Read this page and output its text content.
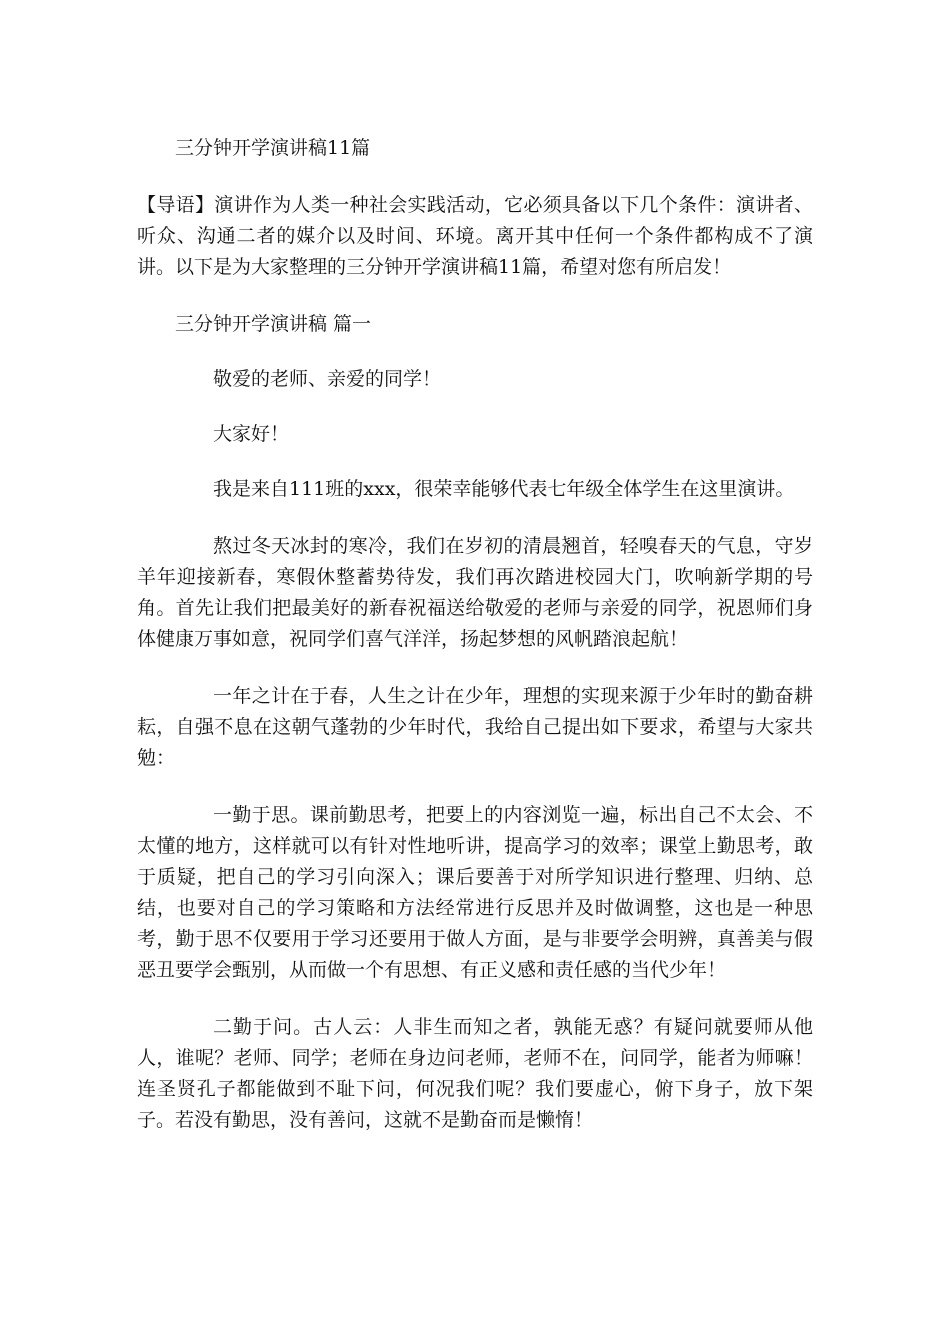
三分钟开学演讲稿11篇

【导语】演讲作为人类一种社会实践活动，它必须具备以下几个条件：演讲者、听众、沟通二者的媒介以及时间、环境。离开其中任何一个条件都构成不了演讲。以下是为大家整理的三分钟开学演讲稿11篇，希望对您有所启发！

三分钟开学演讲稿 篇一

敬爱的老师、亲爱的同学！

大家好！

我是来自111班的xxx，很荣幸能够代表七年级全体学生在这里演讲。

熬过冬天冰封的寒冷，我们在岁初的清晨翘首，轻嗅春天的气息，守岁羊年迎接新春，寒假休整蓄势待发，我们再次踏进校园大门，吹响新学期的号角。首先让我们把最美好的新春祝福送给敬爱的老师与亲爱的同学，祝恩师们身体健康万事如意，祝同学们喜气洋洋，扬起梦想的风帆踏浪起航！

一年之计在于春，人生之计在少年，理想的实现来源于少年时的勤奋耕耘，自强不息在这朝气蓬勃的少年时代，我给自己提出如下要求，希望与大家共勉：

一勤于思。课前勤思考，把要上的内容浏览一遍，标出自己不太会、不太懂的地方，这样就可以有针对性地听讲，提高学习的效率；课堂上勤思考，敢于质疑，把自己的学习引向深入；课后要善于对所学知识进行整理、归纳、总结，也要对自己的学习策略和方法经常进行反思并及时做调整，这也是一种思考，勤于思不仅要用于学习还要用于做人方面，是与非要学会明辨，真善美与假恶丑要学会甄别，从而做一个有思想、有正义感和责任感的当代少年！

二勤于问。古人云：人非生而知之者，孰能无惑？有疑问就要师从他人，谁呢？老师、同学；老师在身边问老师，老师不在，问同学，能者为师嘛！连圣贤孔子都能做到不耻下问，何况我们呢？我们要虚心，俯下身子，放下架子。若没有勤思，没有善问，这就不是勤奋而是懒惰！
